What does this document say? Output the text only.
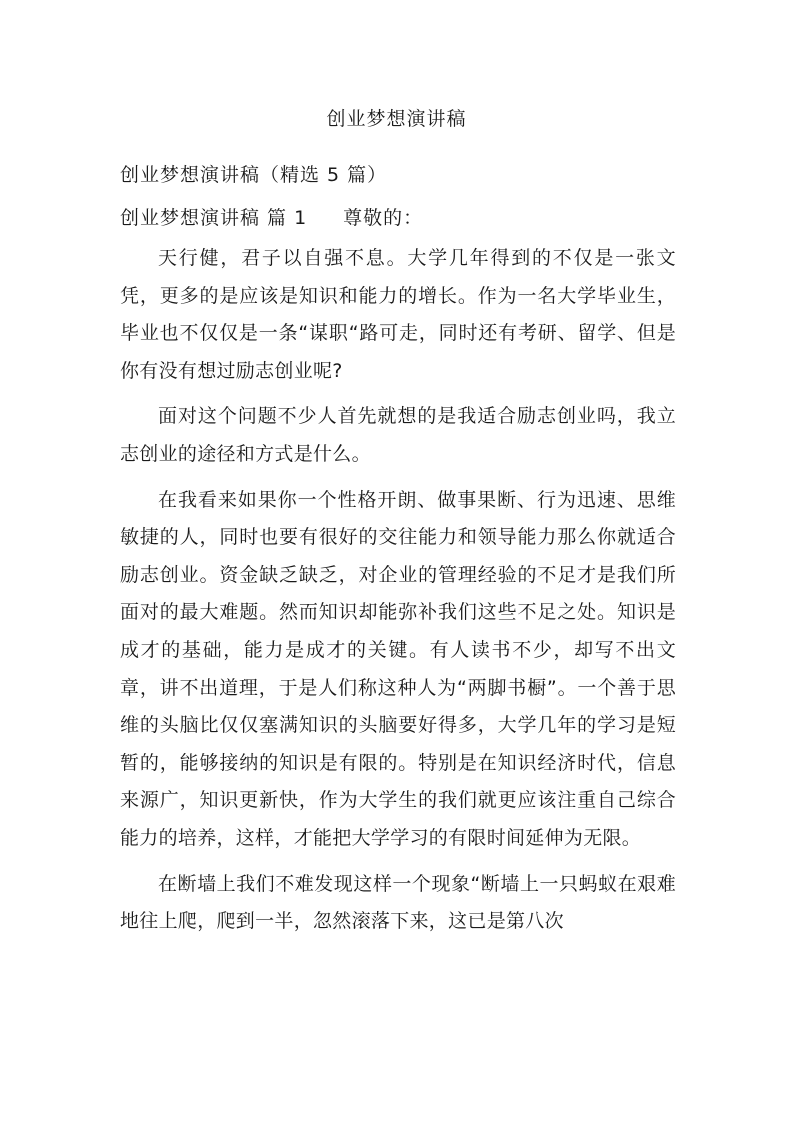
创业梦想演讲稿
创业梦想演讲稿（精选 5 篇）
创业梦想演讲稿 篇 1 尊敬的：

天行健，君子以自强不息。大学几年得到的不仅是一张文凭，更多的是应该是知识和能力的增长。作为一名大学毕业生，毕业也不仅仅是一条“谋职“路可走，同时还有考研、留学、但是你有没有想过励志创业呢?

面对这个问题不少人首先就想的是我适合励志创业吗，我立志创业的途径和方式是什么。

在我看来如果你一个性格开朗、做事果断、行为迅速、思维敏捷的人，同时也要有很好的交往能力和领导能力那么你就适合励志创业。资金缺乏缺乏，对企业的管理经验的不足才是我们所面对的最大难题。然而知识却能弥补我们这些不足之处。知识是成才的基础，能力是成才的关键。有人读书不少，却写不出文章，讲不出道理，于是人们称这种人为“两脚书橱”。一个善于思维的头脑比仅仅塞满知识的头脑要好得多，大学几年的学习是短暂的，能够接纳的知识是有限的。特别是在知识经济时代，信息来源广，知识更新快，作为大学生的我们就更应该注重自己综合能力的培养，这样，才能把大学学习的有限时间延伸为无限。

在断墙上我们不难发现这样一个现象“断墙上一只蚂蚁在艰难地往上爬，爬到一半，忽然滚落下来，这已是第八次
